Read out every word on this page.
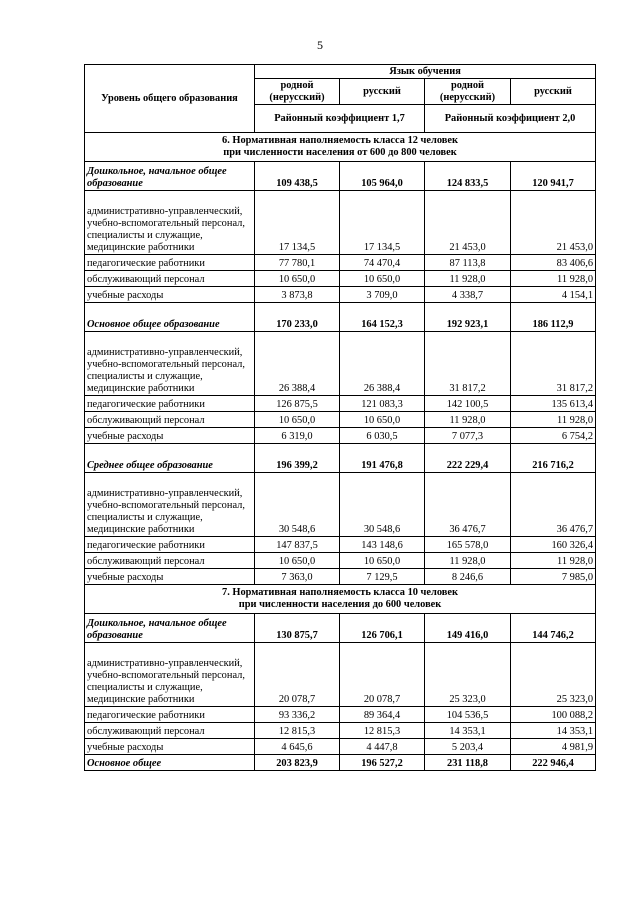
5
Уровень общего образования	Язык обучения			
	родной (нерусский)	русский	родной (нерусский)	русский
	Районный коэффициент 1,7		Районный коэффициент 2,0	

6. Нормативная наполняемость класса 12 человек
при численности населения от 600 до 800 человек				

Дошкольное, начальное общее образование	109 438,5	105 964,0	124 833,5	120 941,7
административно-управленческий, учебно-вспомогательный персонал, специалисты и служащие, медицинские работники	17 134,5	17 134,5	21 453,0	21 453,0
педагогические работники	77 780,1	74 470,4	87 113,8	83 406,6
обслуживающий персонал	10 650,0	10 650,0	11 928,0	11 928,0
учебные расходы	3 873,8	3 709,0	4 338,7	4 154,1
Основное общее образование	170 233,0	164 152,3	192 923,1	186 112,9
административно-управленческий, учебно-вспомогательный персонал, специалисты и служащие, медицинские работники	26 388,4	26 388,4	31 817,2	31 817,2
педагогические работники	126 875,5	121 083,3	142 100,5	135 613,4
обслуживающий персонал	10 650,0	10 650,0	11 928,0	11 928,0
учебные расходы	6 319,0	6 030,5	7 077,3	6 754,2
Среднее общее образование	196 399,2	191 476,8	222 229,4	216 716,2
административно-управленческий, учебно-вспомогательный персонал, специалисты и служащие, медицинские работники	30 548,6	30 548,6	36 476,7	36 476,7
педагогические работники	147 837,5	143 148,6	165 578,0	160 326,4
обслуживающий персонал	10 650,0	10 650,0	11 928,0	11 928,0
учебные расходы	7 363,0	7 129,5	8 246,6	7 985,0

7. Нормативная наполняемость класса 10 человек
при численности населения до 600 человек				

Дошкольное, начальное общее образование	130 875,7	126 706,1	149 416,0	144 746,2
административно-управленческий, учебно-вспомогательный персонал, специалисты и служащие, медицинские работники	20 078,7	20 078,7	25 323,0	25 323,0
педагогические работники	93 336,2	89 364,4	104 536,5	100 088,2
обслуживающий персонал	12 815,3	12 815,3	14 353,1	14 353,1
учебные расходы	4 645,6	4 447,8	5 203,4	4 981,9
Основное общее	203 823,9	196 527,2	231 118,8	222 946,4
